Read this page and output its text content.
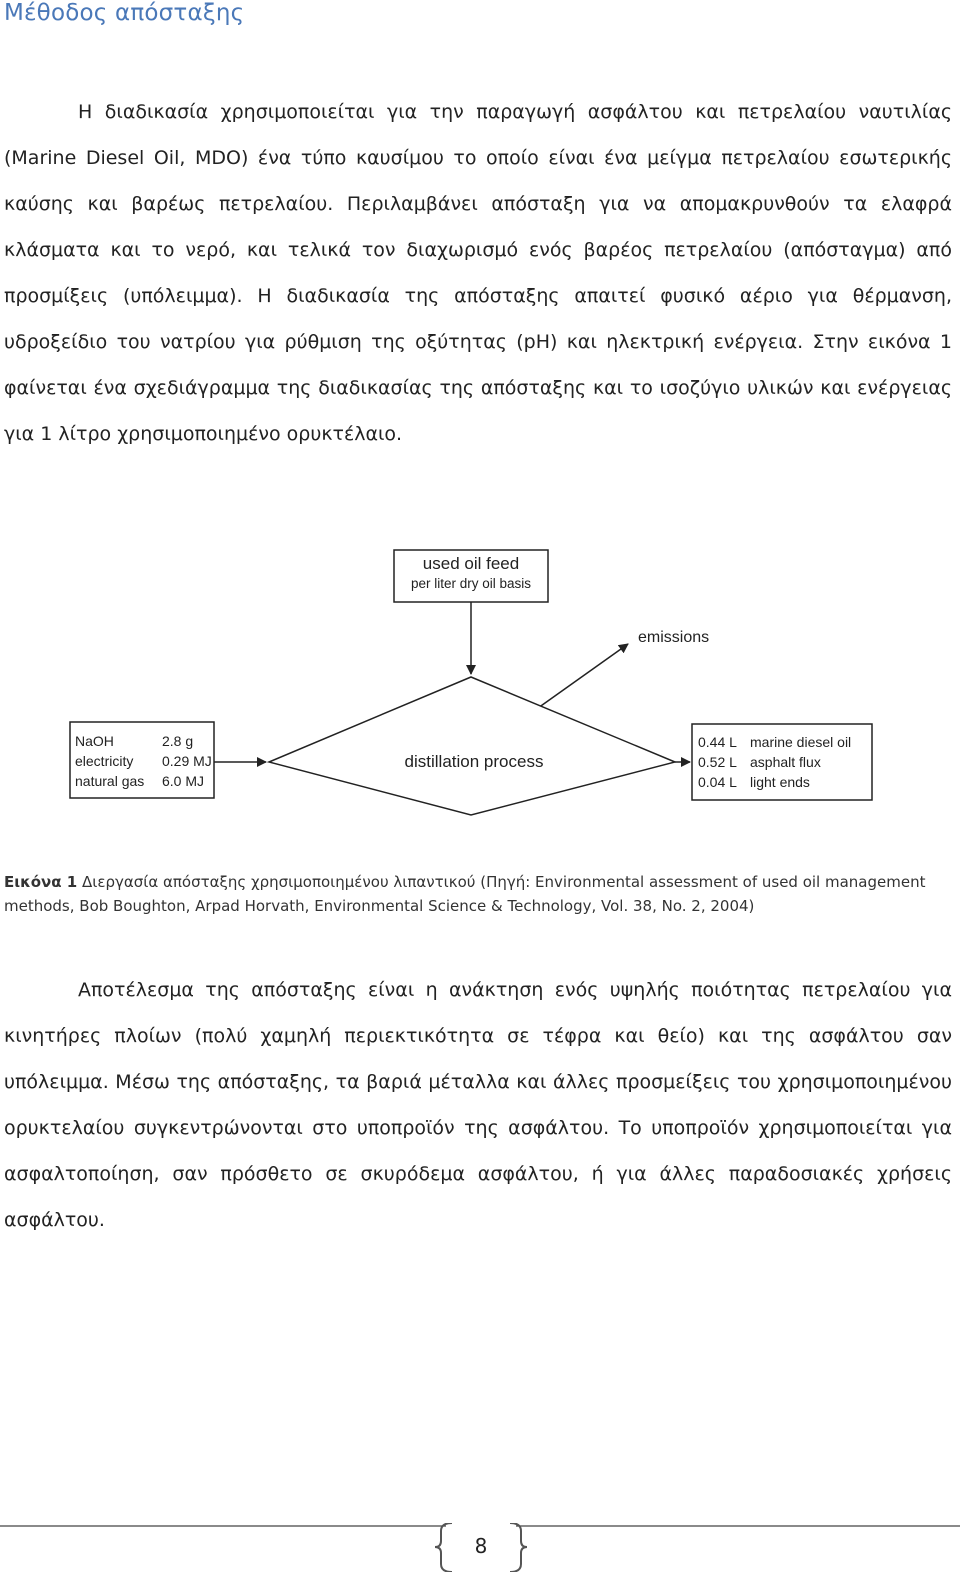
Μέθοδος απόσταξης

Η διαδικασία χρησιμοποιείται για την παραγωγή ασφάλτου και πετρελαίου ναυτιλίας (Marine Diesel Oil, MDO) ένα τύπο καυσίμου το οποίο είναι ένα μείγμα πετρελαίου εσωτερικής καύσης και βαρέως πετρελαίου. Περιλαμβάνει απόσταξη για να απομακρυνθούν τα ελαφρά κλάσματα και το νερό, και τελικά τον διαχωρισμό ενός βαρέος πετρελαίου (απόσταγμα) από προσμίξεις (υπόλειμμα). Η διαδικασία της απόσταξης απαιτεί φυσικό αέριο για θέρμανση, υδροξείδιο του νατρίου για ρύθμιση της οξύτητας (pH) και ηλεκτρική ενέργεια. Στην εικόνα 1 φαίνεται ένα σχεδιάγραμμα της διαδικασίας της απόσταξης και το ισοζύγιο υλικών και ενέργειας για 1 λίτρο χρησιμοποιημένο ορυκτέλαιο.

used oil feed
per liter dry oil basis
emissions
distillation process
NaOH	2.8 g
electricity 0.29 MJ
natural gas 6.0 MJ
0.44 L marine diesel oil
0.52 L asphalt flux
0.04 L light ends
Εικόνα 1 Διεργασία απόσταξης χρησιμοποιημένου λιπαντικού (Πηγή: Environmental assessment of used oil management methods, Bob Boughton, Arpad Horvath, Environmental Science & Technology, Vol. 38, No. 2, 2004)

Αποτέλεσμα της απόσταξης είναι η ανάκτηση ενός υψηλής ποιότητας πετρελαίου για κινητήρες πλοίων (πολύ χαμηλή περιεκτικότητα σε τέφρα και θείο) και της ασφάλτου σαν υπόλειμμα. Μέσω της απόσταξης, τα βαριά μέταλλα και άλλες προσμείξεις του χρησιμοποιημένου ορυκτελαίου συγκεντρώνονται στο υποπροϊόν της ασφάλτου. Το υποπροϊόν χρησιμοποιείται για ασφαλτοποίηση, σαν πρόσθετο σε σκυρόδεμα ασφάλτου, ή για άλλες παραδοσιακές χρήσεις ασφάλτου.

8
